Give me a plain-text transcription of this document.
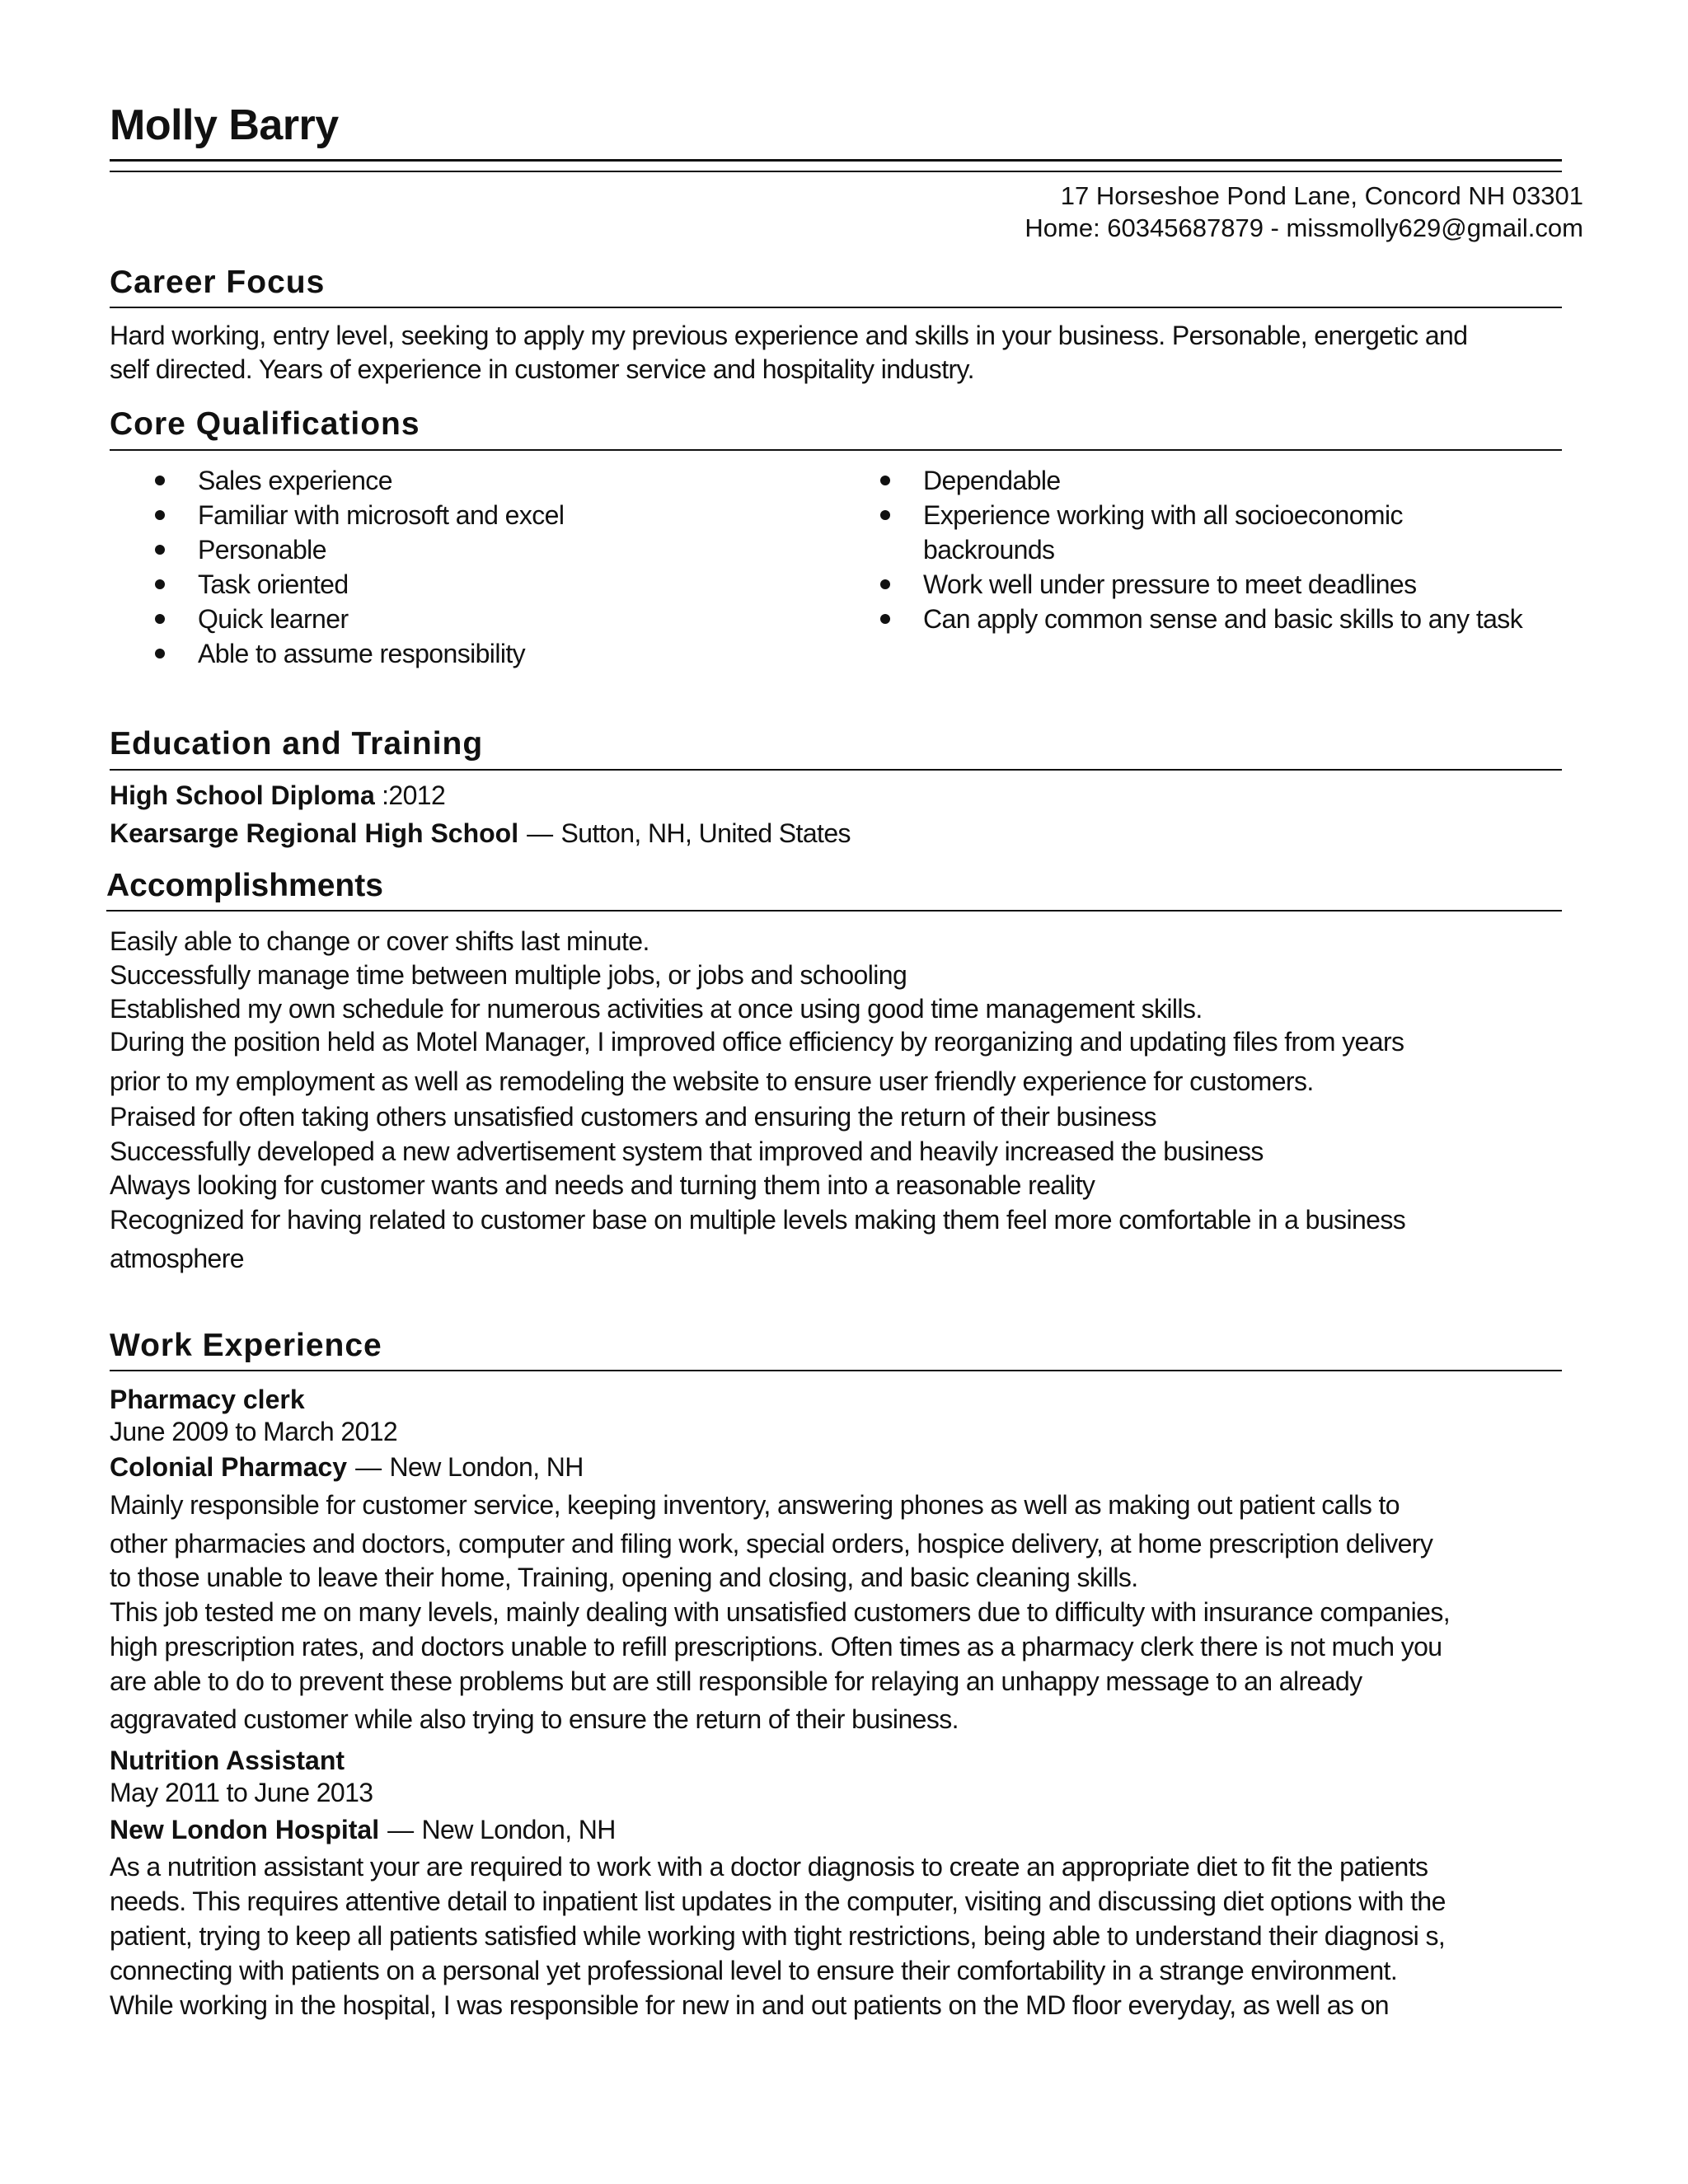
Molly Barry
17 Horseshoe Pond Lane, Concord NH 03301
Home: 60345687879 - missmolly629@gmail.com
Career Focus
Hard working, entry level, seeking to apply my previous experience and skills in your business. Personable, energetic and
self directed. Years of experience in customer service and hospitality industry.
Core Qualifications
Sales experience
Familiar with microsoft and excel
Personable
Task oriented
Quick learner
Able to assume responsibility
Dependable
Experience working with all socioeconomic
backrounds
Work well under pressure to meet deadlines
Can apply common sense and basic skills to any task
Education and Training
High School Diploma :2012
Kearsarge Regional High School — Sutton, NH, United States
Accomplishments
Easily able to change or cover shifts last minute.
Successfully manage time between multiple jobs, or jobs and schooling
Established my own schedule for numerous activities at once using good time management skills.
During the position held as Motel Manager, I improved office efficiency by reorganizing and updating files from years
prior to my employment as well as remodeling the website to ensure user friendly experience for customers.
Praised for often taking others unsatisfied customers and ensuring the return of their business
Successfully developed a new advertisement system that improved and heavily increased the business
Always looking for customer wants and needs and turning them into a reasonable reality
Recognized for having related to customer base on multiple levels making them feel more comfortable in a business
atmosphere
Work Experience
Pharmacy clerk
June 2009 to March 2012
Colonial Pharmacy — New London, NH
Mainly responsible for customer service, keeping inventory, answering phones as well as making out patient calls to
other pharmacies and doctors, computer and filing work, special orders, hospice delivery, at home prescription delivery
to those unable to leave their home, Training, opening and closing, and basic cleaning skills.
This job tested me on many levels, mainly dealing with unsatisfied customers due to difficulty with insurance companies,
high prescription rates, and doctors unable to refill prescriptions. Often times as a pharmacy clerk there is not much you
are able to do to prevent these problems but are still responsible for relaying an unhappy message to an already
aggravated customer while also trying to ensure the return of their business.
Nutrition Assistant
May 2011 to June 2013
New London Hospital — New London, NH
As a nutrition assistant your are required to work with a doctor diagnosis to create an appropriate diet to fit the patients
needs. This requires attentive detail to inpatient list updates in the computer, visiting and discussing diet options with the
patient, trying to keep all patients satisfied while working with tight restrictions, being able to understand their diagnosi s,
connecting with patients on a personal yet professional level to ensure their comfortability in a strange environment.
While working in the hospital, I was responsible for new in and out patients on the MD floor everyday, as well as on
